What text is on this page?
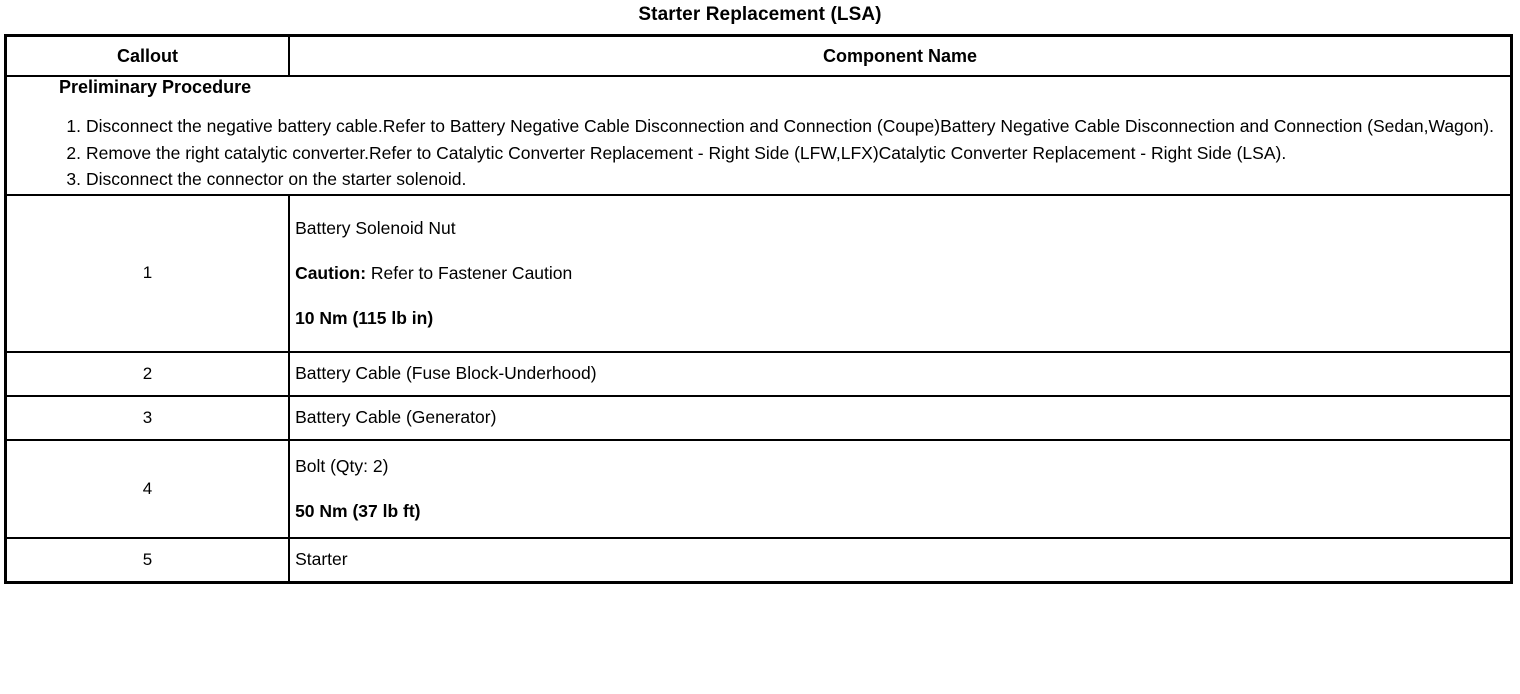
Starter Replacement (LSA)
Callout	Component Name

Preliminary Procedure
Disconnect the negative battery cable.Refer to Battery Negative Cable Disconnection and Connection (Coupe)Battery Negative Cable Disconnection and Connection (Sedan,Wagon).
Remove the right catalytic converter.Refer to Catalytic Converter Replacement - Right Side (LFW,LFX)Catalytic Converter Replacement - Right Side (LSA).
Disconnect the connector on the starter solenoid.

1	Battery Solenoid Nut
Caution: Refer to Fastener Caution
10 Nm (115 lb in)

2	Battery Cable (Fuse Block-Underhood)

3	Battery Cable (Generator)

4	Bolt (Qty: 2)
50 Nm (37 lb ft)

5	Starter
